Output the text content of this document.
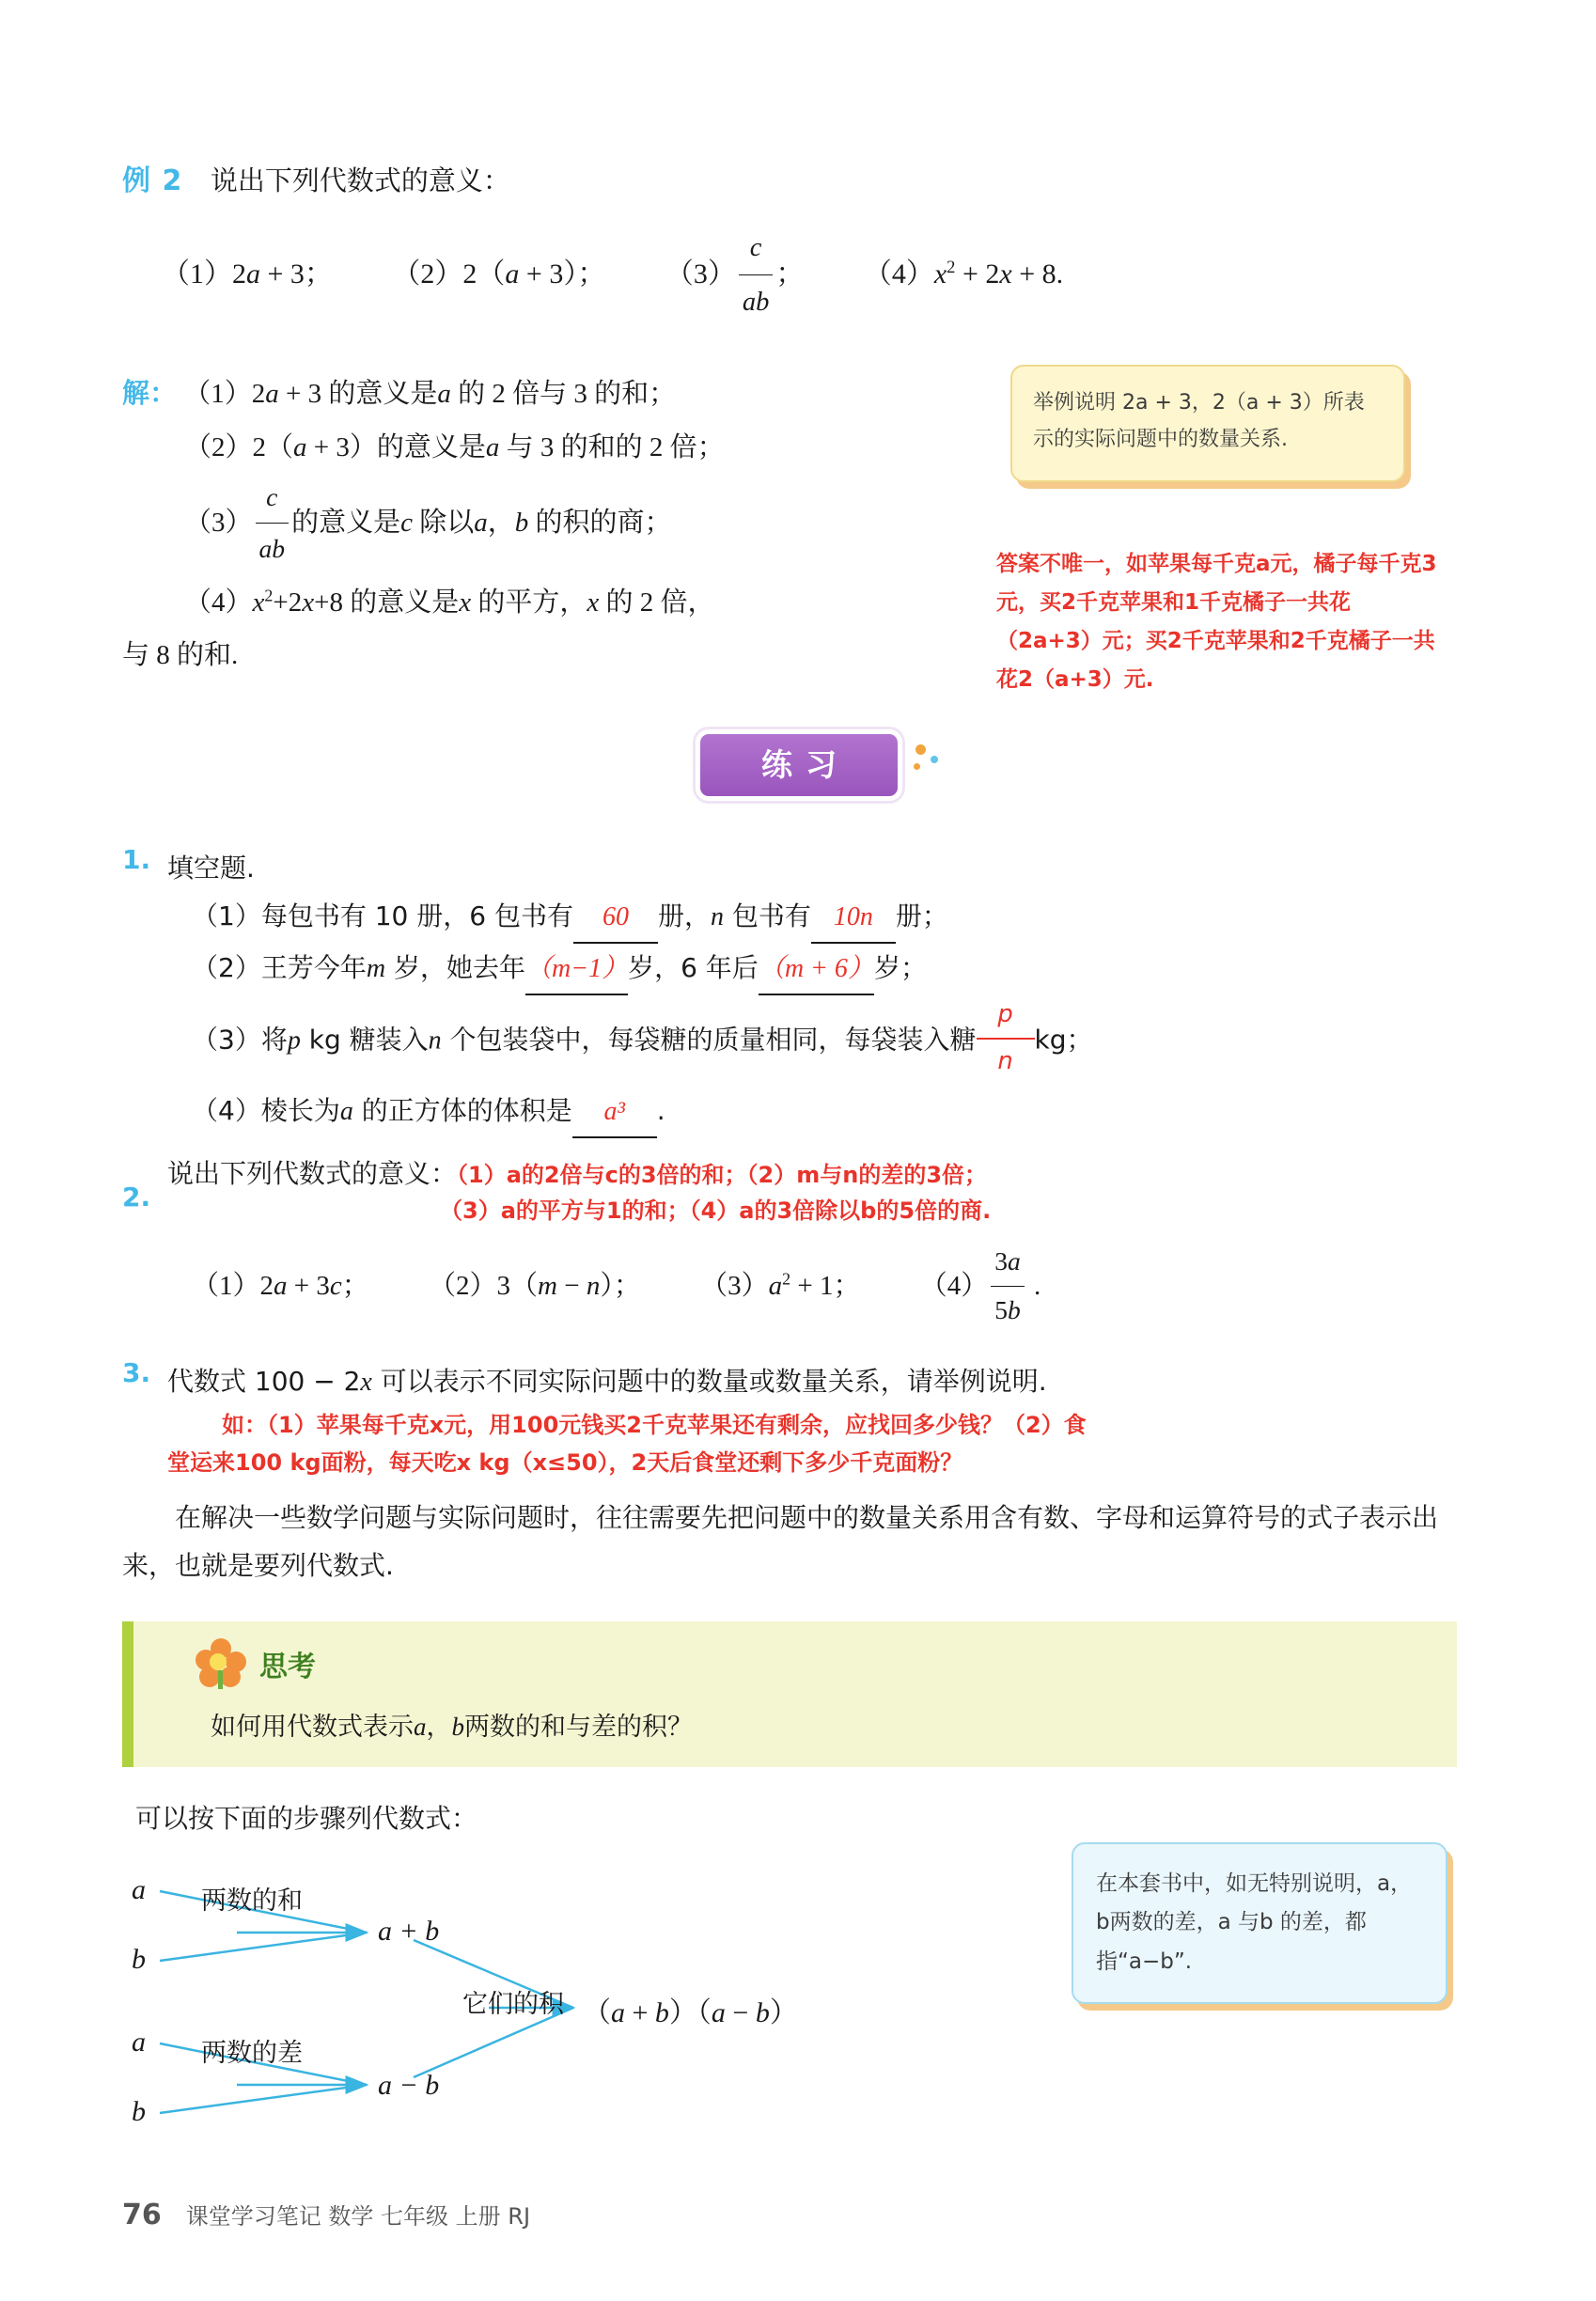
例 2 说出下列代数式的意义：
（1）2a + 3； （2）2（a + 3）； $(3) \frac{c}{ab}$ ； $(4)x^2 + 2x + 8$.
解： （1）2a + 3 的意义是a 的 2 倍与 3 的和；
（2）2（a + 3）的意义是a 与 3 的和的 2 倍；
$(3) \frac{c}{ab}$ 的意义是c 除以a，b 的积的商；
$(4)x^2+2x+8$ 的意义是x 的平方，x 的 2 倍，
与 8 的和.
练习
1. 填空题.
（1）每包书有 10 册，6 包书有 60 册，n 包书有 10n 册；
（2）王芳今年m 岁，她去年（m−1）岁，6 年后（m + 6）岁；
（3）将p kg 糖装入n 个包装袋中，每袋糖的质量相同，每袋装入糖 $\frac{p}{n}$ kg；
（4）棱长为a 的正方体的体积是 a³ .
2.
说出下列代数式的意义：（1）a的2倍与c的3倍的和；（2）m与n的差的3倍；
（3）a的平方与1的和；（4）a的3倍除以b的5倍的商.
（1）2a + 3c； （2）3（m − n）； $(3)a^2 + 1$； $(4) \frac{3a}{5b}$ .
3. 代数式 100 − 2x 可以表示不同实际问题中的数量或数量关系，请举例说明.
如：（1）苹果每千克x元，用100元钱买2千克苹果还有剩余，应找回多少钱？（2）食
堂运来100 kg面粉，每天吃x kg（x≤50），2天后食堂还剩下多少千克面粉？
在解决一些数学问题与实际问题时，往往需要先把问题中的数量关系用含有数、字母和运算符号的式子表示出来，也就是要列代数式.
思考
如何用代数式表示a，b两数的和与差的积？
可以按下面的步骤列代数式：
a
b
a
b
两数的和
两数的差
a + b
a − b
它们的积 （a + b）（a − b）
举例说明 2a + 3，2（a + 3）所表示的实际问题中的数量关系.
答案不唯一，如苹果每千克a元，橘子每千克3元，买2千克苹果和1千克橘子一共花（2a+3）元；买2千克苹果和2千克橘子一共花2（a+3）元.
在本套书中，如无特别说明，a，b两数的差，a 与b 的差，都指“a−b”.
76 课堂学习笔记 数学 七年级 上册 RJ
